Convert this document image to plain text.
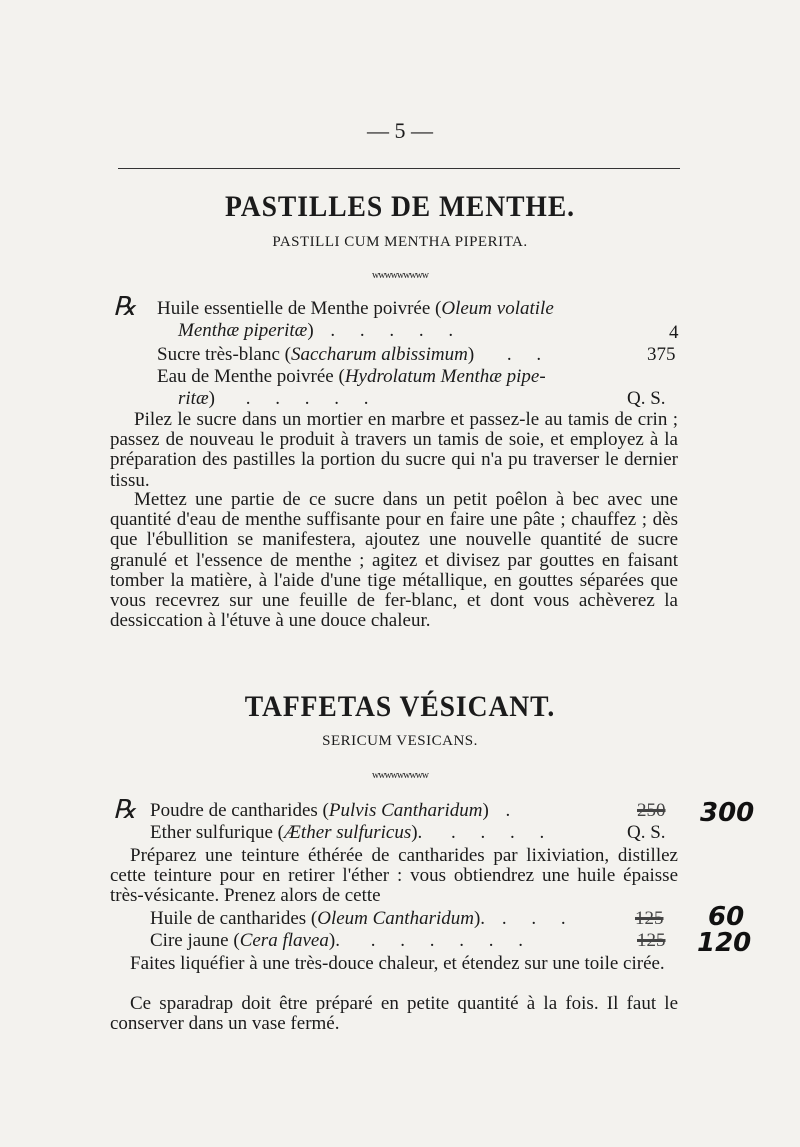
— 5 —
PASTILLES DE MENTHE.
PASTILLI CUM MENTHA PIPERITA.
wwwwwwwww
℞ Huile essentielle de Menthe poivrée (Oleum volatile
Menthæ piperitæ) . . . . .	4
Sucre très-blanc (Saccharum albissimum) . .	375
Eau de Menthe poivrée (Hydrolatum Menthæ pipe-
ritæ) . . . . .	Q. S.
Pilez le sucre dans un mortier en marbre et passez-le au tamis de crin ; passez de nouveau le produit à travers un tamis de soie, et employez à la préparation des pastilles la portion du sucre qui n'a pu traverser le dernier tissu.
Mettez une partie de ce sucre dans un petit poêlon à bec avec une quantité d'eau de menthe suffisante pour en faire une pâte ; chauffez ; dès que l'ébullition se manifestera, ajoutez une nouvelle quantité de sucre granulé et l'essence de menthe ; agitez et divisez par gouttes en faisant tomber la matière, à l'aide d'une tige métallique, en gouttes séparées que vous recevrez sur une feuille de fer-blanc, et dont vous achèverez la dessiccation à l'étuve à une douce chaleur.
TAFFETAS VÉSICANT.
SERICUM VESICANS.
wwwwwwwww
℞ Poudre de cantharides (Pulvis Cantharidum) .	250 300
Ether sulfurique (Æther sulfuricus). . . . .	Q. S.
Préparez une teinture éthérée de cantharides par lixiviation, distillez cette teinture pour en retirer l'éther : vous obtiendrez une huile épaisse très-vésicante. Prenez alors de cette
Huile de cantharides (Oleum Cantharidum). . . .	125 60
Cire jaune (Cera flavea). . . . . . .	125 120
Faites liquéfier à une très-douce chaleur, et étendez sur une toile cirée.
Ce sparadrap doit être préparé en petite quantité à la fois. Il faut le conserver dans un vase fermé.
